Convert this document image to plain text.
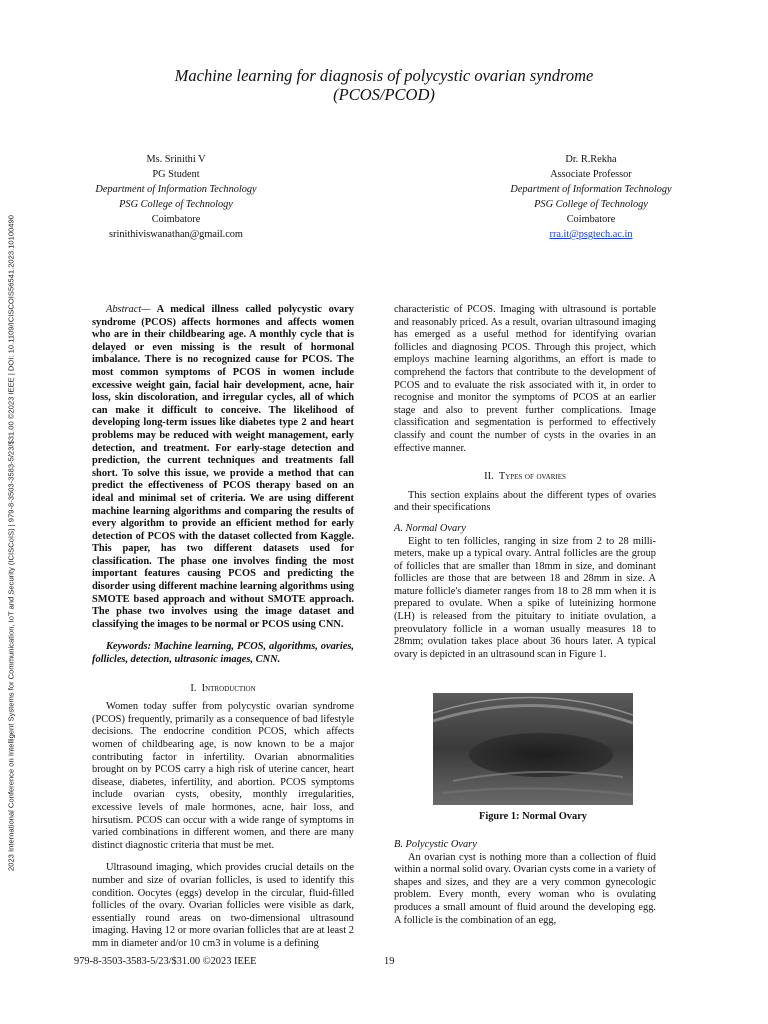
2023 International Conference on Intelligent Systems for Communication, IoT and Security (ICISCoIS) | 979-8-3503-3583-5/23/$31.00 ©2023 IEEE | DOI: 10.1109/ICISCOIS56541.2023.10100490
Machine learning for diagnosis of polycystic ovarian syndrome
(PCOS/PCOD)
Ms. Srinithi V
PG Student
Department of Information Technology
PSG College of Technology
Coimbatore
srinithiviswanathan@gmail.com
Dr. R.Rekha
Associate Professor
Department of Information Technology
PSG College of Technology
Coimbatore
rra.it@psgtech.ac.in

Abstract— A medical illness called polycystic ovary syndrome (PCOS) affects hormones and affects women who are in their childbearing age. A monthly cycle that is delayed or even missing is the result of hormonal imbalance. There is no recognized cause for PCOS. The most common symptoms of PCOS in women include excessive weight gain, facial hair development, acne, hair loss, skin discoloration, and irregular cycles, all of which can make it difficult to conceive. The likelihood of developing long-term issues like diabetes type 2 and heart problems may be reduced with weight management, early detection, and treatment. For early-stage detection and prediction, the current techniques and treatments fall short. To solve this issue, we provide a method that can predict the effectiveness of PCOS therapy based on an ideal and minimal set of criteria. We are using different machine learning algorithms and comparing the results of every algorithm to provide an efficient method for early detection of PCOS with the dataset collected from Kaggle. This paper, has two different datasets used for classification. The phase one involves finding the most important features causing PCOS and predicting the disorder using different machine learning algorithms using SMOTE based approach and without SMOTE approach. The phase two involves using the image dataset and classifying the images to be normal or PCOS using CNN.

Keywords: Machine learning, PCOS, algorithms, ovaries, follicles, detection, ultrasonic images, CNN.

I. Introduction

Women today suffer from polycystic ovarian syndrome (PCOS) frequently, primarily as a consequence of bad lifestyle decisions. The endocrine condition PCOS, which affects women of childbearing age, is now known to be a major contributing factor in infertility. Ovarian abnormalities brought on by PCOS carry a high risk of uterine cancer, heart disease, diabetes, infertility, and abortion. PCOS symptoms include ovarian cysts, obesity, monthly irregularities, excessive levels of male hormones, acne, hair loss, and hirsutism. PCOS can occur with a wide range of symptoms in varied combinations in different women, and there are many distinct diagnostic criteria that must be met.

Ultrasound imaging, which provides crucial details on the number and size of ovarian follicles, is used to identify this condition. Oocytes (eggs) develop in the circular, fluid-filled follicles of the ovary. Ovarian follicles were visible as dark, essentially round areas on two-dimensional ultrasound imaging. Having 12 or more ovarian follicles that are at least 2 mm in diameter and/or 10 cm3 in volume is a defining

characteristic of PCOS. Imaging with ultrasound is portable and reasonably priced. As a result, ovarian ultrasound imaging has emerged as a useful method for identifying ovarian follicles and diagnosing PCOS. Through this project, which employs machine learning algorithms, an effort is made to comprehend the factors that contribute to the development of PCOS and to evaluate the risk associated with it, in order to recognise and monitor the symptoms of PCOS at an earlier stage and also to prevent further complications. Image classification and segmentation is performed to effectively classify and count the number of cysts in the ovaries in an effective manner.

II. Types of ovaries

This section explains about the different types of ovaries and their specifications

A. Normal Ovary

Eight to ten follicles, ranging in size from 2 to 28 milli-meters, make up a typical ovary. Antral follicles are the group of follicles that are smaller than 18mm in size, and dominant follicles are those that are between 18 and 28mm in size. A mature follicle's diameter ranges from 18 to 28 mm when it is prepared to ovulate. When a spike of luteinizing hormone (LH) is released from the pituitary to initiate ovulation, a preovulatory follicle in a woman usually measures 18 to 28mm; ovulation takes place about 36 hours later. A typical ovary is depicted in an ultrasound scan in Figure 1.

Figure 1: Normal Ovary

B. Polycystic Ovary

An ovarian cyst is nothing more than a collection of fluid within a normal solid ovary. Ovarian cysts come in a variety of shapes and sizes, and they are a very common gynecologic problem. Every month, every woman who is ovulating produces a small amount of fluid around the developing egg. A follicle is the combination of an egg,

979-8-3503-3583-5/23/$31.00 ©2023 IEEE	19
